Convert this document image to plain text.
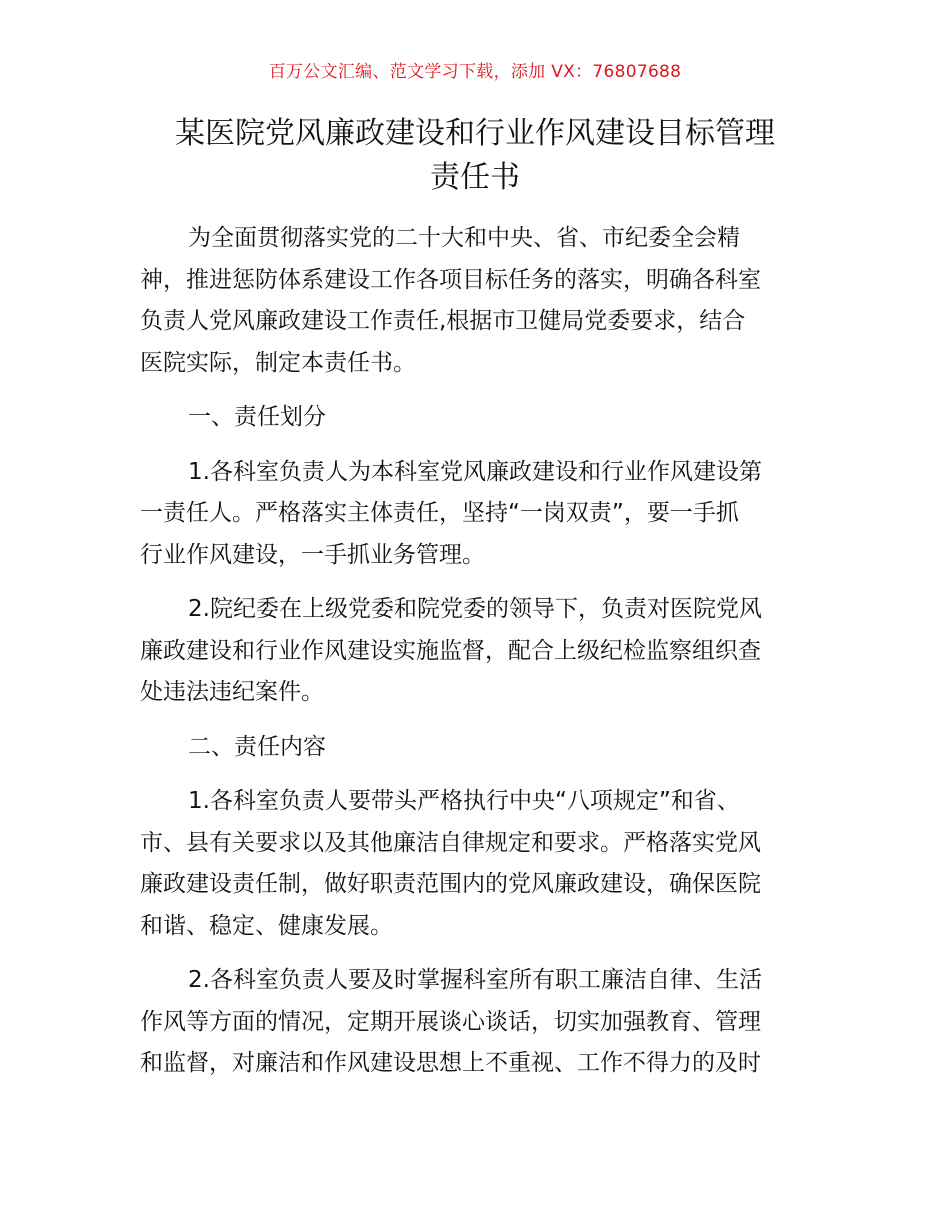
百万公文汇编、范文学习下载，添加 VX：76807688
某医院党风廉政建设和行业作风建设目标管理
责任书

为全面贯彻落实党的二十大和中央、省、市纪委全会精
神，推进惩防体系建设工作各项目标任务的落实，明确各科室
负责人党风廉政建设工作责任,根据市卫健局党委要求，结合
医院实际，制定本责任书。

一、责任划分

1.各科室负责人为本科室党风廉政建设和行业作风建设第
一责任人。严格落实主体责任，坚持“一岗双责”，要一手抓
行业作风建设，一手抓业务管理。

2.院纪委在上级党委和院党委的领导下，负责对医院党风
廉政建设和行业作风建设实施监督，配合上级纪检监察组织查
处违法违纪案件。

二、责任内容

1.各科室负责人要带头严格执行中央“八项规定”和省、
市、县有关要求以及其他廉洁自律规定和要求。严格落实党风
廉政建设责任制，做好职责范围内的党风廉政建设，确保医院
和谐、稳定、健康发展。

2.各科室负责人要及时掌握科室所有职工廉洁自律、生活
作风等方面的情况，定期开展谈心谈话，切实加强教育、管理
和监督，对廉洁和作风建设思想上不重视、工作不得力的及时
